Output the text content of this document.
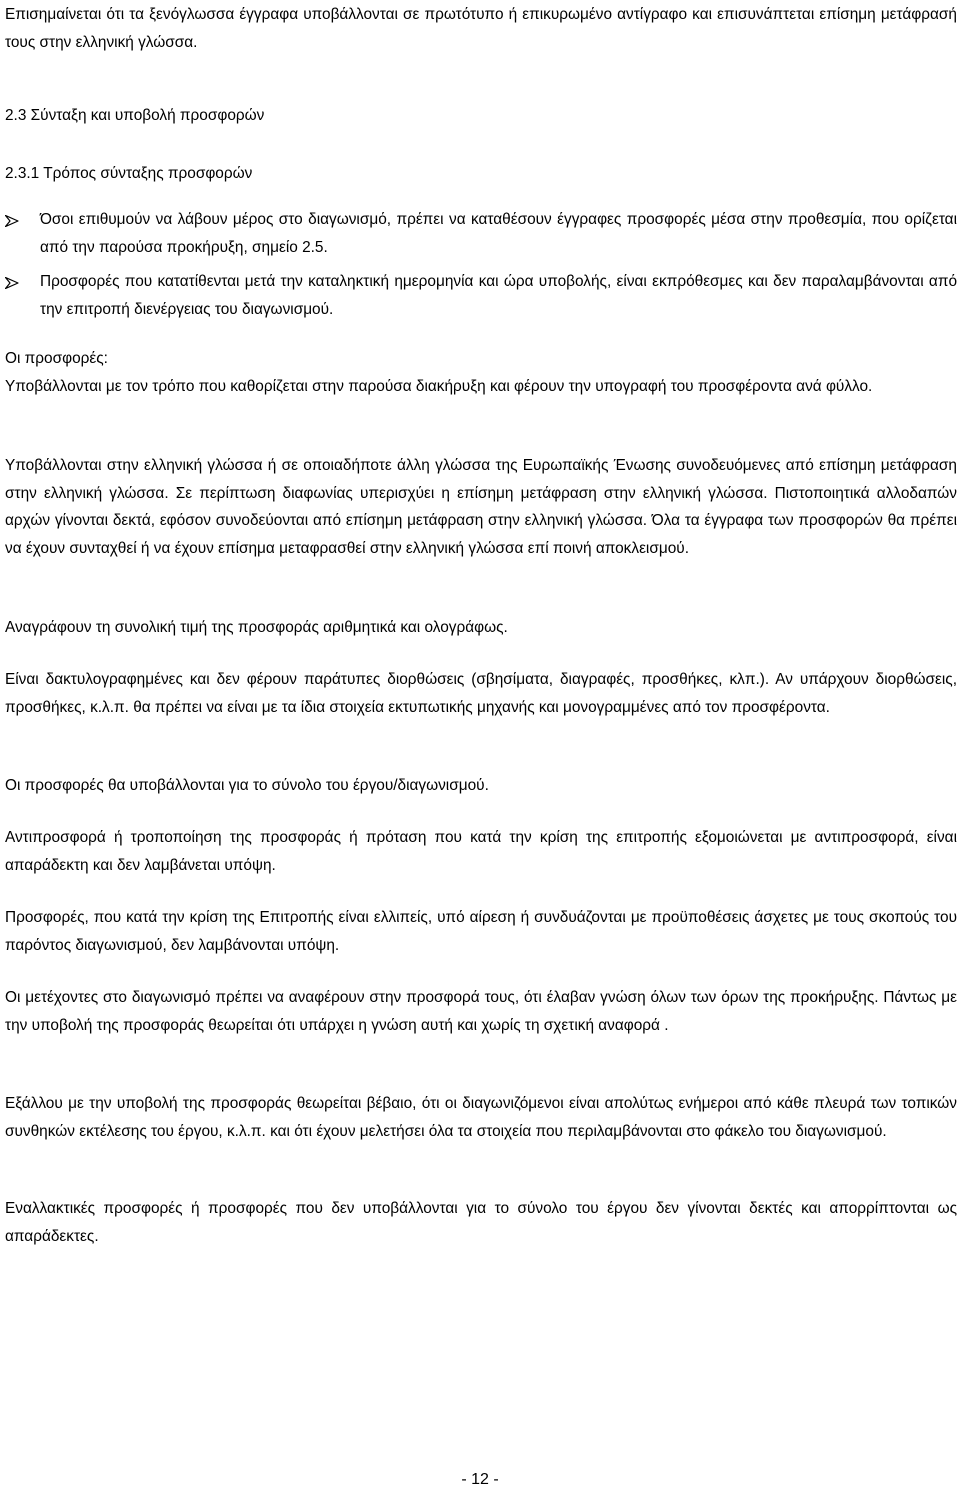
Επισημαίνεται ότι τα ξενόγλωσσα έγγραφα υποβάλλονται σε πρωτότυπο ή επικυρωμένο αντίγραφο και επισυνάπτεται επίσημη μετάφρασή τους στην ελληνική γλώσσα.

2.3 Σύνταξη και υποβολή προσφορών
2.3.1 Τρόπος σύνταξης προσφορών

Όσοι επιθυμούν να λάβουν μέρος στο διαγωνισμό, πρέπει να καταθέσουν έγγραφες προσφορές μέσα στην προθεσμία, που ορίζεται από την παρούσα προκήρυξη, σημείο 2.5.

Προσφορές που κατατίθενται μετά την καταληκτική ημερομηνία και ώρα υποβολής, είναι εκπρόθεσμες και δεν παραλαμβάνονται από την επιτροπή διενέργειας του διαγωνισμού.

Οι προσφορές:

Υποβάλλονται με τον τρόπο που καθορίζεται στην παρούσα διακήρυξη και φέρουν την υπογραφή του προσφέροντα ανά φύλλο.

Υποβάλλονται στην ελληνική γλώσσα ή σε οποιαδήποτε άλλη γλώσσα της Ευρωπαϊκής Ένωσης συνοδευόμενες από επίσημη μετάφραση στην ελληνική γλώσσα. Σε περίπτωση διαφωνίας υπερισχύει η επίσημη μετάφραση στην ελληνική γλώσσα. Πιστοποιητικά αλλοδαπών αρχών γίνονται δεκτά, εφόσον συνοδεύονται από επίσημη μετάφραση στην ελληνική γλώσσα. Όλα τα έγγραφα των προσφορών θα πρέπει να έχουν συνταχθεί ή να έχουν επίσημα μεταφρασθεί στην ελληνική γλώσσα επί ποινή αποκλεισμού.

Αναγράφουν τη συνολική τιμή της προσφοράς αριθμητικά και ολογράφως.

Είναι δακτυλογραφημένες και δεν φέρουν παράτυπες διορθώσεις (σβησίματα, διαγραφές, προσθήκες, κλπ.). Αν υπάρχουν διορθώσεις, προσθήκες, κ.λ.π. θα πρέπει να είναι με τα ίδια στοιχεία εκτυπωτικής μηχανής και μονογραμμένες από τον προσφέροντα.

Οι προσφορές θα υποβάλλονται για το σύνολο του έργου/διαγωνισμού.

Αντιπροσφορά ή τροποποίηση της προσφοράς ή πρόταση που κατά την κρίση της επιτροπής εξομοιώνεται με αντιπροσφορά, είναι απαράδεκτη και δεν λαμβάνεται υπόψη.

Προσφορές, που κατά την κρίση της Επιτροπής είναι ελλιπείς, υπό αίρεση ή συνδυάζονται με προϋποθέσεις άσχετες με τους σκοπούς του παρόντος διαγωνισμού, δεν λαμβάνονται υπόψη.

Οι μετέχοντες στο διαγωνισμό πρέπει να αναφέρουν στην προσφορά τους, ότι έλαβαν γνώση όλων των όρων της προκήρυξης. Πάντως με την υποβολή της προσφοράς θεωρείται ότι υπάρχει η γνώση αυτή και χωρίς τη σχετική αναφορά .

Εξάλλου με την υποβολή της προσφοράς θεωρείται βέβαιο, ότι οι διαγωνιζόμενοι είναι απολύτως ενήμεροι από κάθε πλευρά των τοπικών συνθηκών εκτέλεσης του έργου, κ.λ.π. και ότι έχουν μελετήσει όλα τα στοιχεία που περιλαμβάνονται στο φάκελο του διαγωνισμού.

Εναλλακτικές προσφορές ή προσφορές που δεν υποβάλλονται για το σύνολο του έργου δεν γίνονται δεκτές και απορρίπτονται ως απαράδεκτες.

- 12 -
